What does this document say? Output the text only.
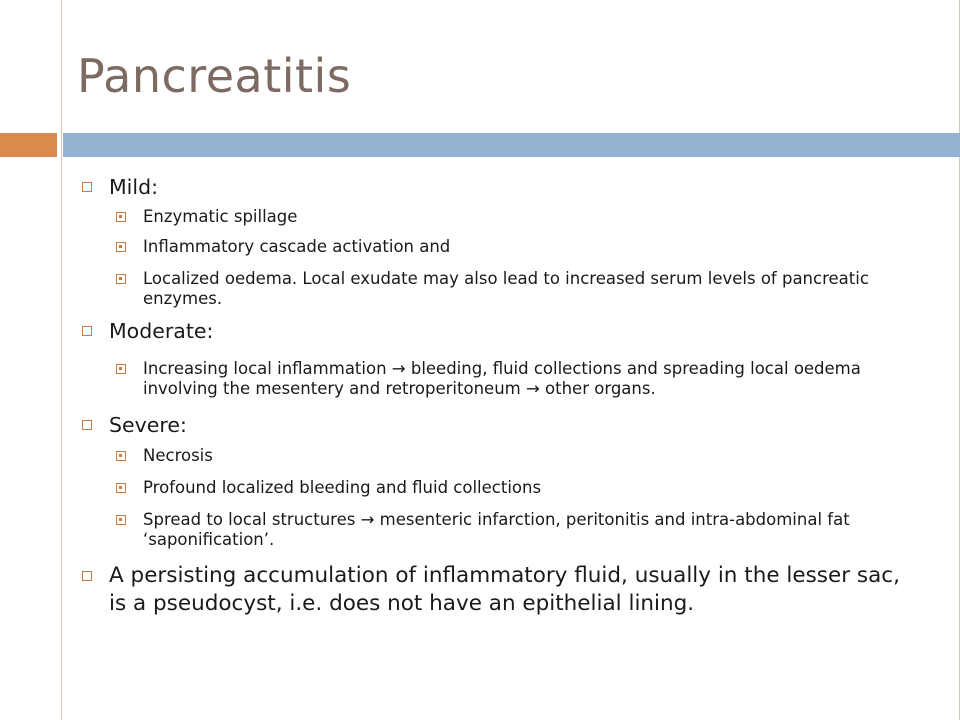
Pancreatitis
Mild:
Enzymatic spillage
Inflammatory cascade activation and
Localized oedema. Local exudate may also lead to increased serum levels of pancreatic enzymes.
Moderate:
Increasing local inflammation → bleeding, fluid collections and spreading local oedema involving the mesentery and retroperitoneum → other organs.
Severe:
Necrosis
Profound localized bleeding and fluid collections
Spread to local structures → mesenteric infarction, peritonitis and intra-abdominal fat ‘saponification’.
A persisting accumulation of inflammatory fluid, usually in the lesser sac, is a pseudocyst, i.e. does not have an epithelial lining.
